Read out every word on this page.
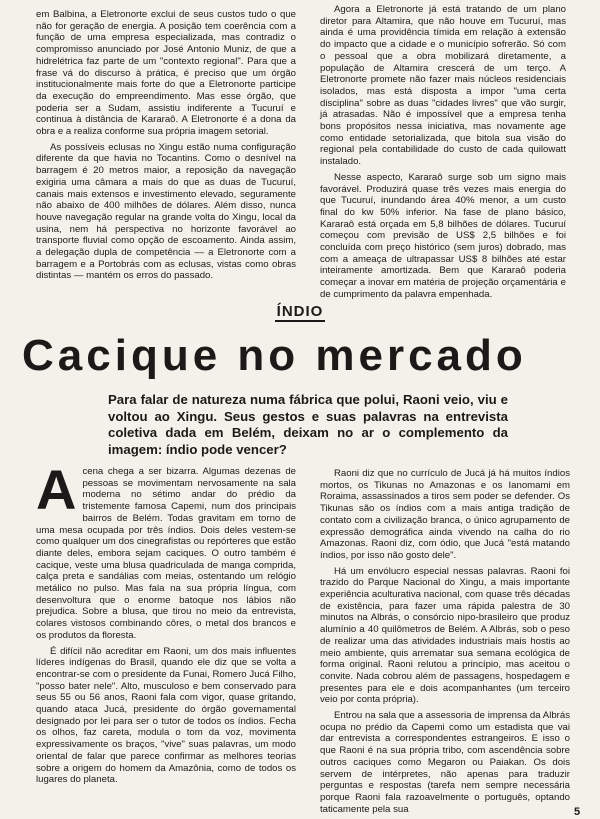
em Balbina, a Eletronorte exclui de seus custos tudo o que não for geração de energia. A posição tem coerência com a função de uma empresa especializada, mas contradiz o compromisso anunciado por José Antonio Muniz, de que a hidrelétrica faz parte de um "contexto regional". Para que a frase vá do discurso à prática, é preciso que um órgão institucionalmente mais forte do que a Eletronorte participe da execução do empreendimento. Mas esse órgão, que poderia ser a Sudam, assistiu indiferente a Tucuruí e continua à distância de Kararaô. A Eletronorte é a dona da obra e a realiza conforme sua própria imagem setorial.

As possíveis eclusas no Xingu estão numa configuração diferente da que havia no Tocantins. Como o desnível na barragem é 20 metros maior, a reposição da navegação exigiria uma câmara a mais do que as duas de Tucuruí, canais mais extensos e investimento elevado, seguramente não abaixo de 400 milhões de dólares. Além disso, nunca houve navegação regular na grande volta do Xingu, local da usina, nem há perspectiva no horizonte favorável ao transporte fluvial como opção de escoamento. Ainda assim, a delegação dupla de competência — a Eletronorte com a barragem e a Portobrás com as eclusas, vistas como obras distintas — mantém os erros do passado.

Agora a Eletronorte já está tratando de um plano diretor para Altamira, que não houve em Tucuruí, mas ainda é uma providência tímida em relação à extensão do impacto que a cidade e o município sofrerão. Só com o pessoal que a obra mobilizará diretamente, a população de Altamira crescerá de um terço. A Eletronorte promete não fazer mais núcleos residenciais isolados, mas está disposta a impor "uma certa disciplina" sobre as duas "cidades livres" que vão surgir, já atrasadas. Não é impossível que a empresa tenha bons propósitos nessa iniciativa, mas novamente age como entidade setorializada, que bitola sua visão do regional pela contabilidade do custo de cada quilowatt instalado.

Nesse aspecto, Kararaô surge sob um signo mais favorável. Produzirá quase três vezes mais energia do que Tucuruí, inundando área 40% menor, a um custo final do kw 50% inferior. Na fase de plano básico, Kararaô está orçada em 5,8 bilhões de dólares. Tucuruí começou com previsão de US$ 2,5 bilhões e foi concluída com preço histórico (sem juros) dobrado, mas com a ameaça de ultrapassar US$ 8 bilhões até estar inteiramente amortizada. Bem que Kararaô poderia começar a inovar em matéria de projeção orçamentária e de cumprimento da palavra empenhada.

ÍNDIO
Cacique no mercado
Para falar de natureza numa fábrica que polui, Raoni veio, viu e voltou ao Xingu. Seus gestos e suas palavras na entrevista coletiva dada em Belém, deixam no ar o complemento da imagem: índio pode vencer?

Acena chega a ser bizarra. Algumas dezenas de pessoas se movimentam nervosamente na sala moderna no sétimo andar do prédio da tristemente famosa Capemi, num dos principais bairros de Belém. Todas gravitam em torno de uma mesa ocupada por três índios. Dois deles vestem-se como qualquer um dos cinegrafistas ou repórteres que estão diante deles, embora sejam caciques. O outro também é cacique, veste uma blusa quadriculada de manga comprida, calça preta e sandálias com meias, ostentando um relógio metálico no pulso. Mas fala na sua própria língua, com desenvoltura que o enorme batoque nos lábios não prejudica. Sobre a blusa, que tirou no meio da entrevista, colares vistosos combinando côres, o metal dos brancos e os produtos da floresta.

É difícil não acreditar em Raoni, um dos mais influentes líderes indígenas do Brasil, quando ele diz que se volta a encontrar-se com o presidente da Funai, Romero Jucá Filho, "posso bater nele". Alto, musculoso e bem conservado para seus 55 ou 56 anos, Raoni fala com vigor, quase gritando, quando ataca Jucá, presidente do órgão governamental designado por lei para ser o tutor de todos os índios. Fecha os olhos, faz careta, modula o tom da voz, movimenta expressivamente os braços, "vive" suas palavras, um modo oriental de falar que parece confirmar as melhores teorias sobre a origem do homem da Amazônia, como de todos os lugares do planeta.

Raoni diz que no currículo de Jucá já há muitos índios mortos, os Tikunas no Amazonas e os Ianomami em Roraima, assassinados a tiros sem poder se defender. Os Tikunas são os índios com a mais antiga tradição de contato com a civilização branca, o único agrupamento de expressão demográfica ainda vivendo na calha do rio Amazonas. Raoni diz, com ódio, que Jucá "está matando índios, por isso não gosto dele".

Há um envólucro especial nessas palavras. Raoni foi trazido do Parque Nacional do Xingu, a mais importante experiência aculturativa nacional, com quase três décadas de existência, para fazer uma rápida palestra de 30 minutos na Albrás, o consórcio nipo-brasileiro que produz alumínio a 40 quilômetros de Belém. A Albrás, sob o peso de realizar uma das atividades industriais mais hostis ao meio ambiente, quis arrematar sua semana ecológica de forma original. Raoni relutou a princípio, mas aceitou o convite. Nada cobrou além de passagens, hospedagem e presentes para ele e dois acompanhantes (um terceiro veio por conta própria).

Entrou na sala que a assessoria de imprensa da Albrás ocupa no prédio da Capemi como um estadista que vai dar entrevista a correspondentes estrangeiros. E isso o que Raoni é na sua própria tribo, com ascendência sobre outros caciques como Megaron ou Paiakan. Os dois servem de intérpretes, não apenas para traduzir perguntas e respostas (tarefa nem sempre necessária porque Raoni fala razoavelmente o português, optando taticamente pela sua	5
